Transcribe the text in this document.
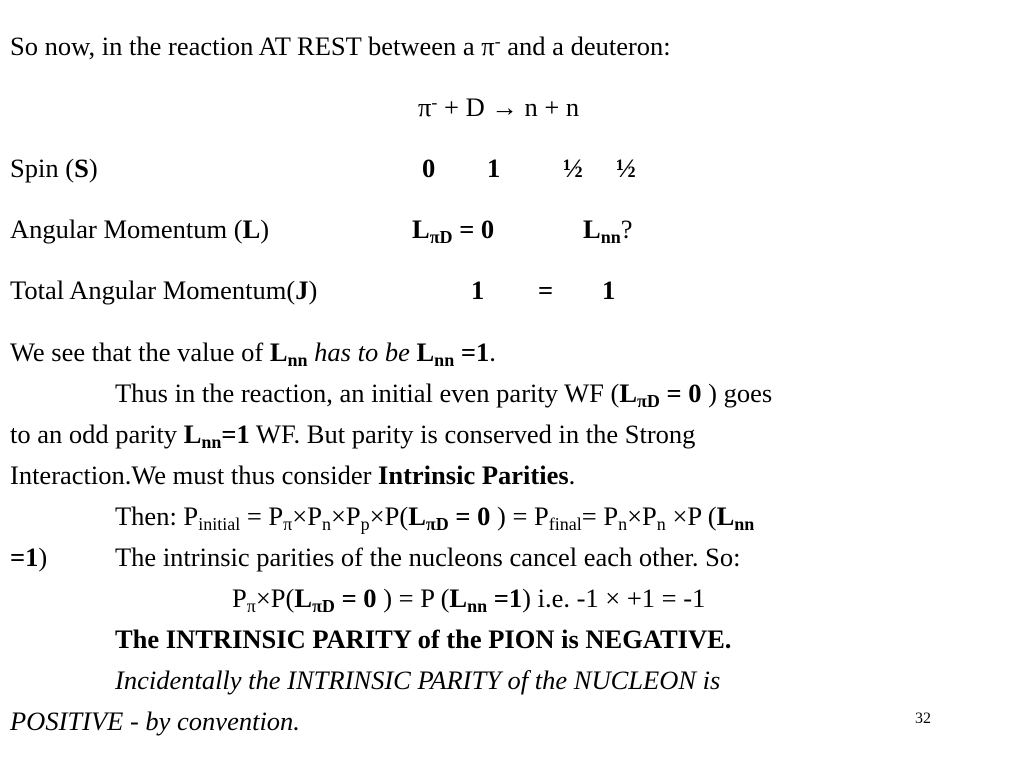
So now, in the reaction AT REST between a π- and a deuteron:
π- + D → n + n
Spin (S)	0 1 ½ ½
Angular Momentum (L)	$L_{\pi D} = 0$	$L_{nn}$?
Total Angular Momentum(J)	1 = 1
We see that the value of $L_{nn}$ has to be $L_{nn} =1$.
Thus in the reaction, an initial even parity WF ($L_{\pi D} = 0$ ) goes
to an odd parity $L_{nn}=1$ WF. But parity is conserved in the Strong
Interaction.We must thus consider Intrinsic Parities.
Then: $P_{initial} = P_\pi\times P_n\times P_p\times P(L_{\pi D} = 0$ ) = $P_{final}= P_n\times P_n \times P$ ($L_{nn}$
=1)	The intrinsic parities of the nucleons cancel each other. So:
$P_\pi\times P(L_{\pi D} = 0$ ) = P $(L_{nn} =1)$ i.e. -1 × +1 = -1
The INTRINSIC PARITY of the PION is NEGATIVE.
Incidentally the INTRINSIC PARITY of the NUCLEON is
POSITIVE - by convention.	32
